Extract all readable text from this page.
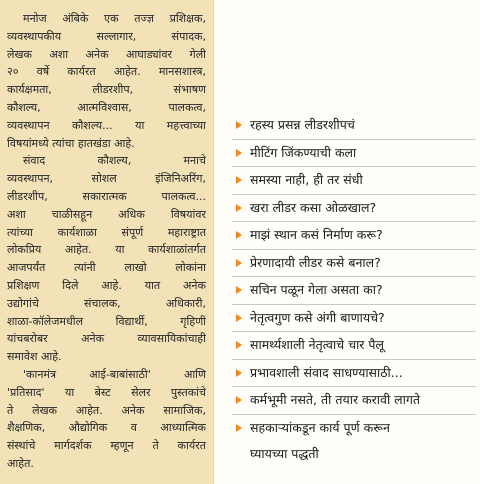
मनोज अंबिके एक तज्ज्ञ प्रशिक्षक,
व्यवस्थापकीय सल्लागार, संपादक,
लेखक अशा अनेक आघाड्यांवर गेली
२० वर्षे कार्यरत आहेत. मानसशास्त्र,
कार्यक्षमता, लीडरशीप, संभाषण
कौशल्य, आत्मविश्वास, पालकत्व,
व्यवस्थापन कौशल्य... या महत्त्वाच्या
विषयांमध्ये त्यांचा हातखंडा आहे.
संवाद कौशल्य, मनाचे
व्यवस्थापन, सोशल इंजिनिअरिंग,
लीडरशीप, सकारात्मक पालकत्व...
अशा चाळीसहून अधिक विषयांवर
त्यांच्या कार्यशाळा संपूर्ण महाराष्ट्रात
लोकप्रिय आहेत. या कार्यशाळांतर्गत
आजपर्यंत त्यांनी लाखो लोकांना
प्रशिक्षण दिले आहे. यात अनेक
उद्योगांचे संचालक, अधिकारी,
शाळा-कॉलेजमधील विद्यार्थी, गृहिणी
यांचबरोबर अनेक व्यावसायिकांचाही
समावेश आहे.
'कानमंत्र आई-बाबांसाठी' आणि
'प्रतिसाद' या बेस्ट सेलर पुस्तकांचे
ते लेखक आहेत. अनेक सामाजिक,
शैक्षणिक, औद्योगिक व आध्यात्मिक
संस्थांचे मार्गदर्शक म्हणून ते कार्यरत
आहेत.
रहस्य प्रसन्न लीडरशीपचं
मीटिंग जिंकण्याची कला
समस्या नाही, ही तर संधी
खरा लीडर कसा ओळखाल?
माझं स्थान कसं निर्माण करू?
प्रेरणादायी लीडर कसे बनाल?
सचिन पळून गेला असता का?
नेतृत्वगुण कसे अंगी बाणायचे?
सामर्थ्यशाली नेतृत्वाचे चार पैलू
प्रभावशाली संवाद साधण्यासाठी...
कर्मभूमी नसते, ती तयार करावी लागते
सहकाऱ्यांकडून कार्य पूर्ण करून
घ्यायच्या पद्धती
